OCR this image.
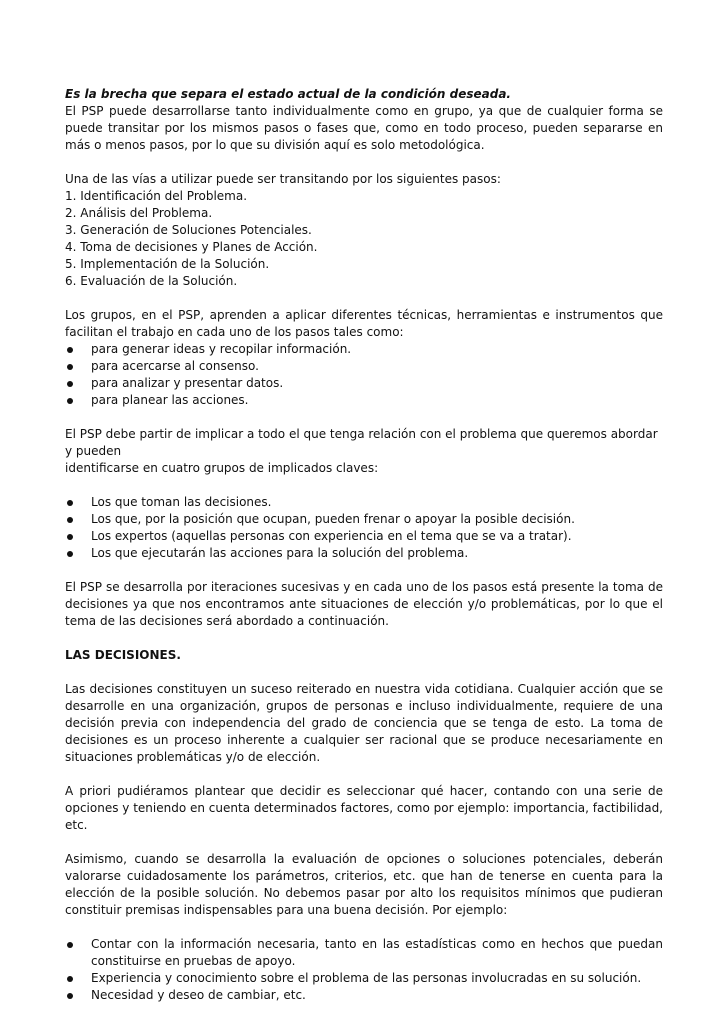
Es la brecha que separa el estado actual de la condición deseada.
El PSP puede desarrollarse tanto individualmente como en grupo, ya que de cualquier forma se puede transitar por los mismos pasos o fases que, como en todo proceso, pueden separarse en más o menos pasos, por lo que su división aquí es solo metodológica.
Una de las vías a utilizar puede ser transitando por los siguientes pasos:
1. Identificación del Problema.
2. Análisis del Problema.
3. Generación de Soluciones Potenciales.
4. Toma de decisiones y Planes de Acción.
5. Implementación de la Solución.
6. Evaluación de la Solución.
Los grupos, en el PSP, aprenden a aplicar diferentes técnicas, herramientas e instrumentos que facilitan el trabajo en cada uno de los pasos tales como:
para generar ideas y recopilar información.
para acercarse al consenso.
para analizar y presentar datos.
para planear las acciones.
El PSP debe partir de implicar a todo el que tenga relación con el problema que queremos abordar y pueden
identificarse en cuatro grupos de implicados claves:
Los que toman las decisiones.
Los que, por la posición que ocupan, pueden frenar o apoyar la posible decisión.
Los expertos (aquellas personas con experiencia en el tema que se va a tratar).
Los que ejecutarán las acciones para la solución del problema.
El PSP se desarrolla por iteraciones sucesivas y en cada uno de los pasos está presente la toma de decisiones ya que nos encontramos ante situaciones de elección y/o problemáticas, por lo que el tema de las decisiones será abordado a continuación.
LAS DECISIONES.
Las decisiones constituyen un suceso reiterado en nuestra vida cotidiana. Cualquier acción que se desarrolle en una organización, grupos de personas e incluso individualmente, requiere de una decisión previa con independencia del grado de conciencia que se tenga de esto. La toma de decisiones es un proceso inherente a cualquier ser racional que se produce necesariamente en situaciones problemáticas y/o de elección.
A priori pudiéramos plantear que decidir es seleccionar qué hacer, contando con una serie de opciones y teniendo en cuenta determinados factores, como por ejemplo: importancia, factibilidad, etc.
Asimismo, cuando se desarrolla la evaluación de opciones o soluciones potenciales, deberán valorarse cuidadosamente los parámetros, criterios, etc. que han de tenerse en cuenta para la elección de la posible solución. No debemos pasar por alto los requisitos mínimos que pudieran constituir premisas indispensables para una buena decisión. Por ejemplo:
Contar con la información necesaria, tanto en las estadísticas como en hechos que puedan constituirse en pruebas de apoyo.
Experiencia y conocimiento sobre el problema de las personas involucradas en su solución.
Necesidad y deseo de cambiar, etc.
